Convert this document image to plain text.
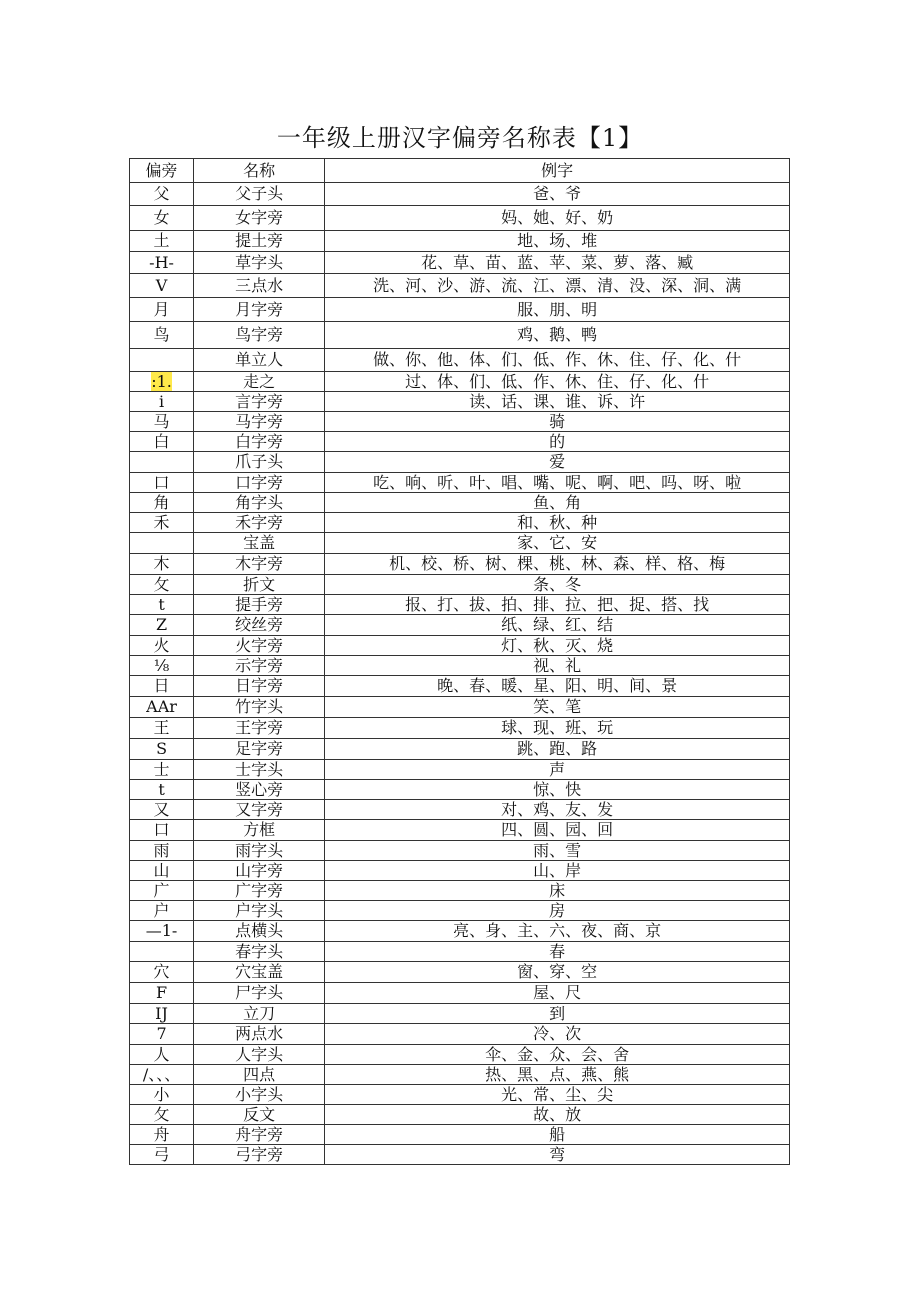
一年级上册汉字偏旁名称表【1】
偏旁	名称	例字
父	父子头	爸、爷
女	女字旁	妈、她、好、奶
土	提土旁	地、场、堆
-H-	草字头	花、草、苗、蓝、苹、菜、萝、落、臧
V	三点水	洗、河、沙、游、流、江、漂、清、没、深、洞、满
月	月字旁	服、朋、明
鸟	鸟字旁	鸡、鹅、鸭
	单立人	做、你、他、体、们、低、作、休、住、仔、化、什
:1.	走之	过、体、们、低、作、休、住、仔、化、什
i	言字旁	读、话、课、谁、诉、许
马	马字旁	骑
白	白字旁	的
	爪子头	爱
口	口字旁	吃、响、听、叶、唱、嘴、呢、啊、吧、吗、呀、啦
角	角字头	鱼、角
禾	禾字旁	和、秋、种
	宝盖	家、它、安
木	木字旁	机、校、桥、树、棵、桃、林、森、样、格、梅
攵	折文	条、冬
t	提手旁	报、打、拔、拍、排、拉、把、捉、搭、找
Z	绞丝旁	纸、绿、红、结
火	火字旁	灯、秋、灭、烧
⅛	示字旁	视、礼
日	日字旁	晚、春、暖、星、阳、明、间、景
AAr	竹字头	笑、笔
王	王字旁	球、现、班、玩
S	足字旁	跳、跑、路
士	士字头	声
t	竖心旁	惊、快
又	又字旁	对、鸡、友、发
口	方框	四、圆、园、回
雨	雨字头	雨、雪
山	山字旁	山、岸
广	广字旁	床
户	户字头	房
—1-	点横头	亮、身、主、六、夜、商、京
	春字头	春
穴	穴宝盖	窗、穿、空
F	尸字头	屋、尺
IJ	立刀	到
7	两点水	冷、次
人	人字头	伞、金、众、会、舍
/、、、	四点	热、黑、点、燕、熊
小	小字头	光、常、尘、尖
攵	反文	故、放
舟	舟字旁	船
弓	弓字旁	弯
